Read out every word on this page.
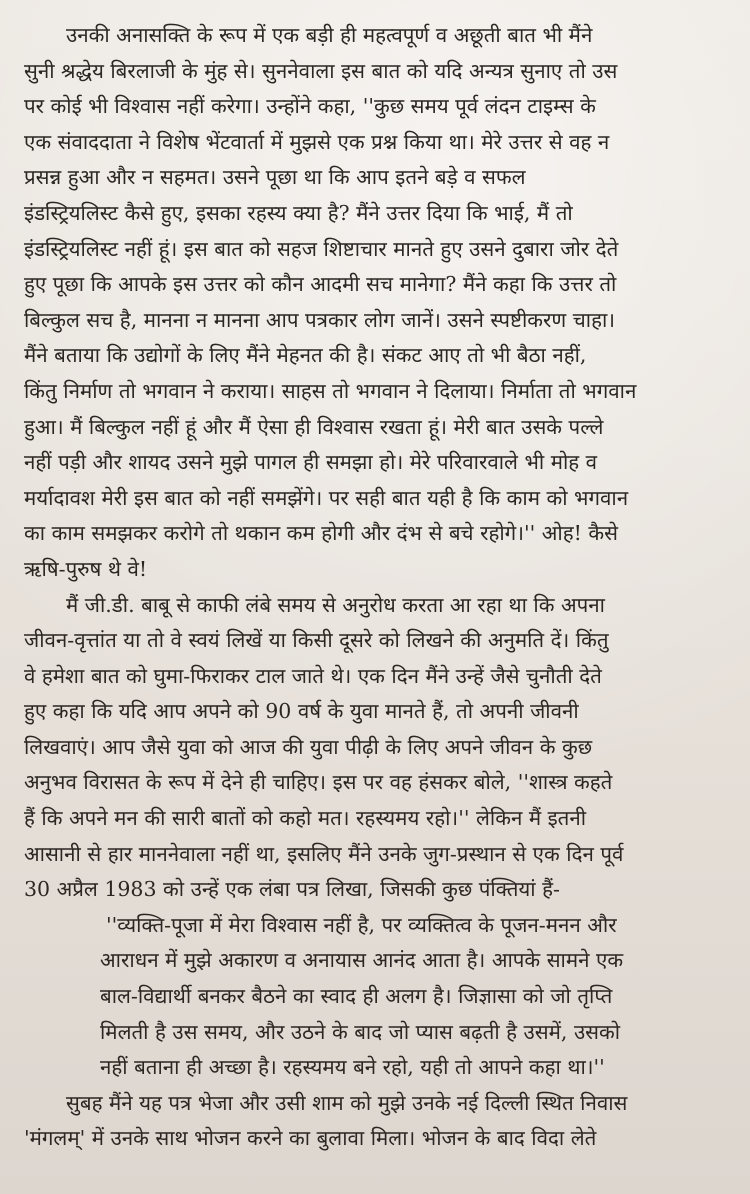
उनकी अनासक्ति के रूप में एक बड़ी ही महत्वपूर्ण व अछूती बात भी मैंने
सुनी श्रद्धेय बिरलाजी के मुंह से। सुननेवाला इस बात को यदि अन्यत्र सुनाए तो उस
पर कोई भी विश्वास नहीं करेगा। उन्होंने कहा, ''कुछ समय पूर्व लंदन टाइम्स के
एक संवाददाता ने विशेष भेंटवार्ता में मुझसे एक प्रश्न किया था। मेरे उत्तर से वह न
प्रसन्न हुआ और न सहमत। उसने पूछा था कि आप इतने बड़े व सफल
इंडस्ट्रियलिस्ट कैसे हुए, इसका रहस्य क्या है? मैंने उत्तर दिया कि भाई, मैं तो
इंडस्ट्रियलिस्ट नहीं हूं। इस बात को सहज शिष्टाचार मानते हुए उसने दुबारा जोर देते
हुए पूछा कि आपके इस उत्तर को कौन आदमी सच मानेगा? मैंने कहा कि उत्तर तो
बिल्कुल सच है, मानना न मानना आप पत्रकार लोग जानें। उसने स्पष्टीकरण चाहा।
मैंने बताया कि उद्योगों के लिए मैंने मेहनत की है। संकट आए तो भी बैठा नहीं,
किंतु निर्माण तो भगवान ने कराया। साहस तो भगवान ने दिलाया। निर्माता तो भगवान
हुआ। मैं बिल्कुल नहीं हूं और मैं ऐसा ही विश्वास रखता हूं। मेरी बात उसके पल्ले
नहीं पड़ी और शायद उसने मुझे पागल ही समझा हो। मेरे परिवारवाले भी मोह व
मर्यादावश मेरी इस बात को नहीं समझेंगे। पर सही बात यही है कि काम को भगवान
का काम समझकर करोगे तो थकान कम होगी और दंभ से बचे रहोगे।'' ओह! कैसे
ऋषि-पुरुष थे वे!
मैं जी.डी. बाबू से काफी लंबे समय से अनुरोध करता आ रहा था कि अपना
जीवन-वृत्तांत या तो वे स्वयं लिखें या किसी दूसरे को लिखने की अनुमति दें। किंतु
वे हमेशा बात को घुमा-फिराकर टाल जाते थे। एक दिन मैंने उन्हें जैसे चुनौती देते
हुए कहा कि यदि आप अपने को 90 वर्ष के युवा मानते हैं, तो अपनी जीवनी
लिखवाएं। आप जैसे युवा को आज की युवा पीढ़ी के लिए अपने जीवन के कुछ
अनुभव विरासत के रूप में देने ही चाहिए। इस पर वह हंसकर बोले, ''शास्त्र कहते
हैं कि अपने मन की सारी बातों को कहो मत। रहस्यमय रहो।'' लेकिन मैं इतनी
आसानी से हार माननेवाला नहीं था, इसलिए मैंने उनके जुग-प्रस्थान से एक दिन पूर्व
30 अप्रैल 1983 को उन्हें एक लंबा पत्र लिखा, जिसकी कुछ पंक्तियां हैं-
''व्यक्ति-पूजा में मेरा विश्वास नहीं है, पर व्यक्तित्व के पूजन-मनन और
आराधन में मुझे अकारण व अनायास आनंद आता है। आपके सामने एक
बाल-विद्यार्थी बनकर बैठने का स्वाद ही अलग है। जिज्ञासा को जो तृप्ति
मिलती है उस समय, और उठने के बाद जो प्यास बढ़ती है उसमें, उसको
नहीं बताना ही अच्छा है। रहस्यमय बने रहो, यही तो आपने कहा था।''
सुबह मैंने यह पत्र भेजा और उसी शाम को मुझे उनके नई दिल्ली स्थित निवास
'मंगलम्' में उनके साथ भोजन करने का बुलावा मिला। भोजन के बाद विदा लेते
